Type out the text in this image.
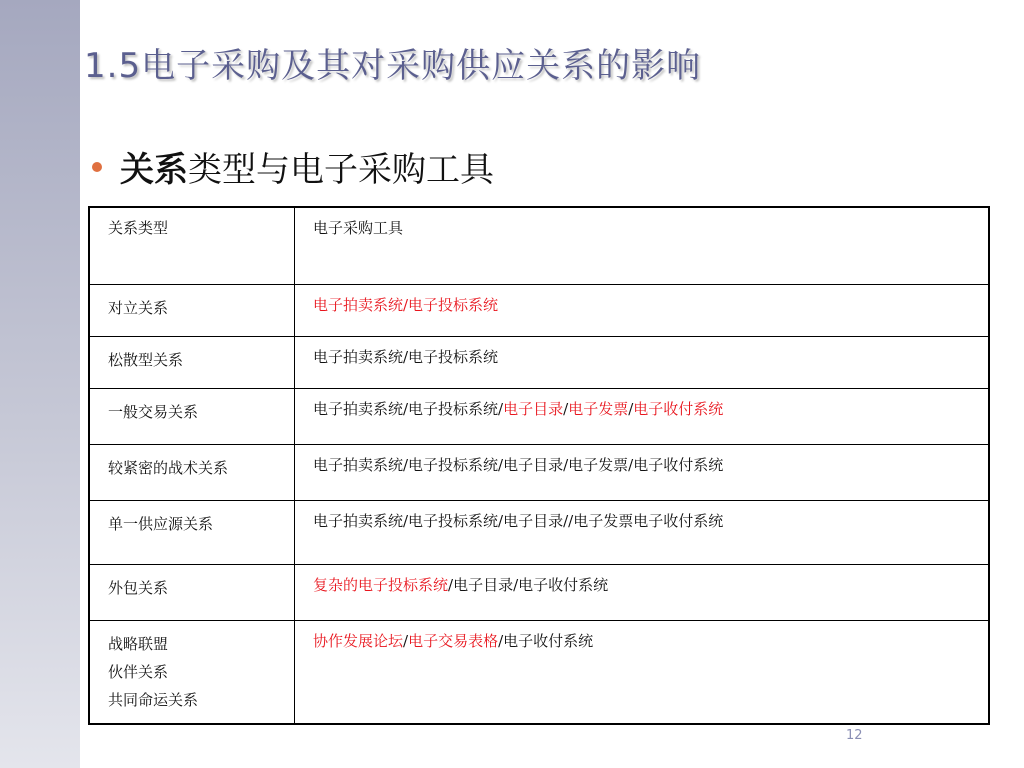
1.5电子采购及其对采购供应关系的影响
关系 类型与电子采购工具
关系类型	电子采购工具

对立关系	电子拍卖系统/电子投标系统

松散型关系	电子拍卖系统/电子投标系统

一般交易关系	电子拍卖系统/电子投标系统/电子目录/电子发票/电子收付系统

较紧密的战术关系	电子拍卖系统/电子投标系统/电子目录/电子发票/电子收付系统

单一供应源关系	电子拍卖系统/电子投标系统/电子目录//电子发票电子收付系统

外包关系	复杂的电子投标系统/电子目录/电子收付系统

战略联盟
伙伴关系
共同命运关系	协作发展论坛/电子交易表格/电子收付系统
12
